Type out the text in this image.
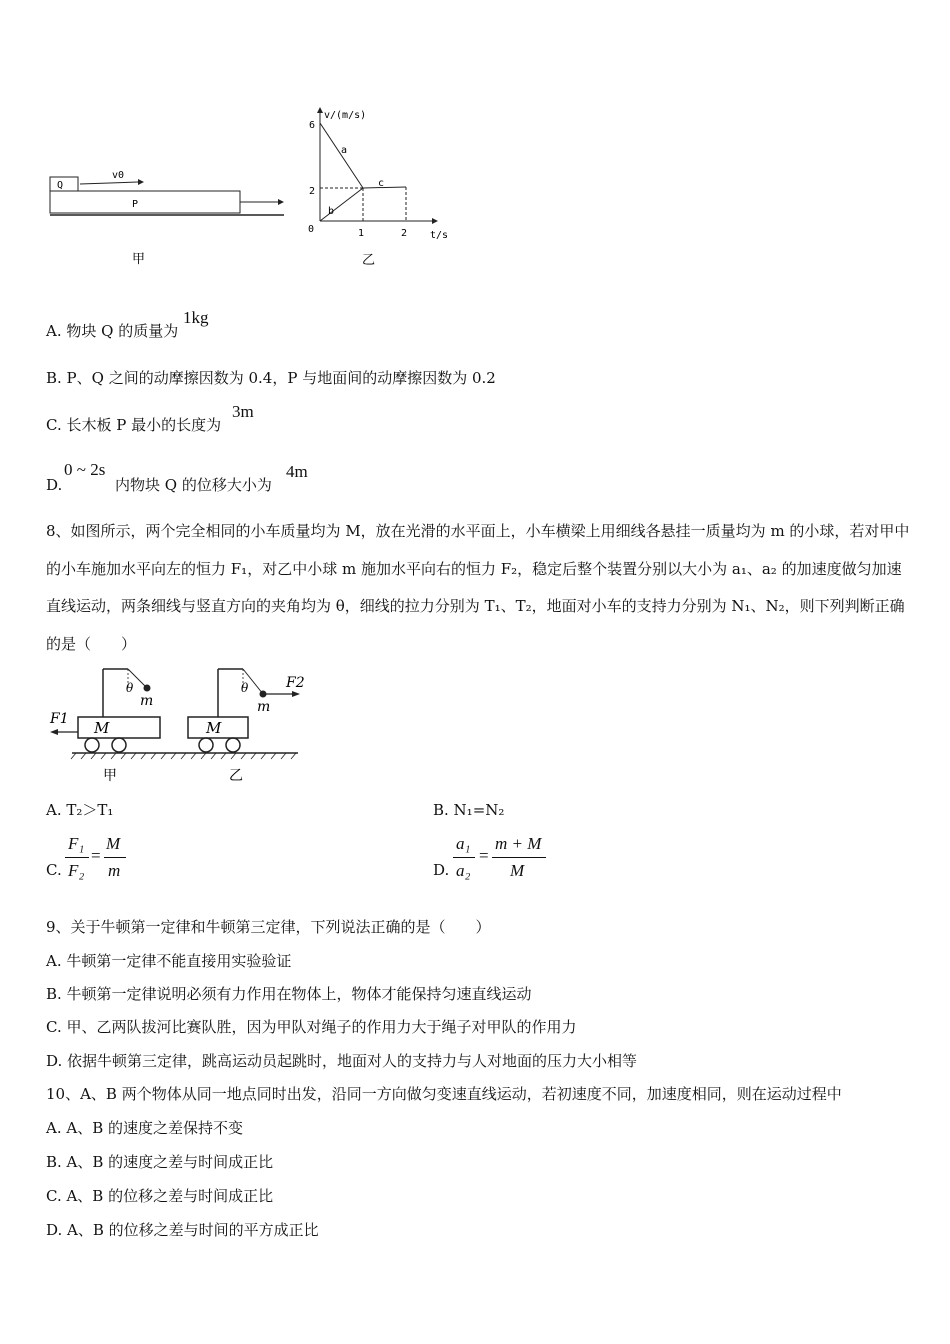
Q
v0
P
甲
v/(m/s)
t/s
6
2
0	1	2
a
b
c
乙
A. 物块 Q 的质量为
1kg
B. P、Q 之间的动摩擦因数为 0.4，P 与地面间的动摩擦因数为 0.2
C. 长木板 P 最小的长度为
3m
D.
0 ~ 2s
内物块 Q 的位移大小为
4m
8、如图所示，两个完全相同的小车质量均为 M，放在光滑的水平面上，小车横梁上用细线各悬挂一质量均为 m 的小球，若对甲中的小车施加水平向左的恒力 F₁，对乙中小球 m 施加水平向右的恒力 F₂，稳定后整个装置分别以大小为 a₁、a₂ 的加速度做匀加速直线运动，两条细线与竖直方向的夹角均为 θ，细线的拉力分别为 T₁、T₂，地面对小车的支持力分别为 N₁、N₂，则下列判断正确的是（　　）
θ
m
M
F1
θ
m
F2
M
甲	乙
A. T₂＞T₁	B. N₁=N₂
C.
F₁
F₂
=
M
m	D.
a₁
a₂
=
m + M
M
9、关于牛顿第一定律和牛顿第三定律，下列说法正确的是（　　）
A. 牛顿第一定律不能直接用实验验证
B. 牛顿第一定律说明必须有力作用在物体上，物体才能保持匀速直线运动
C. 甲、乙两队拔河比赛队胜，因为甲队对绳子的作用力大于绳子对甲队的作用力
D. 依据牛顿第三定律，跳高运动员起跳时，地面对人的支持力与人对地面的压力大小相等
10、A、B 两个物体从同一地点同时出发，沿同一方向做匀变速直线运动，若初速度不同，加速度相同，则在运动过程中
A. A、B 的速度之差保持不变
B. A、B 的速度之差与时间成正比
C. A、B 的位移之差与时间成正比
D. A、B 的位移之差与时间的平方成正比
